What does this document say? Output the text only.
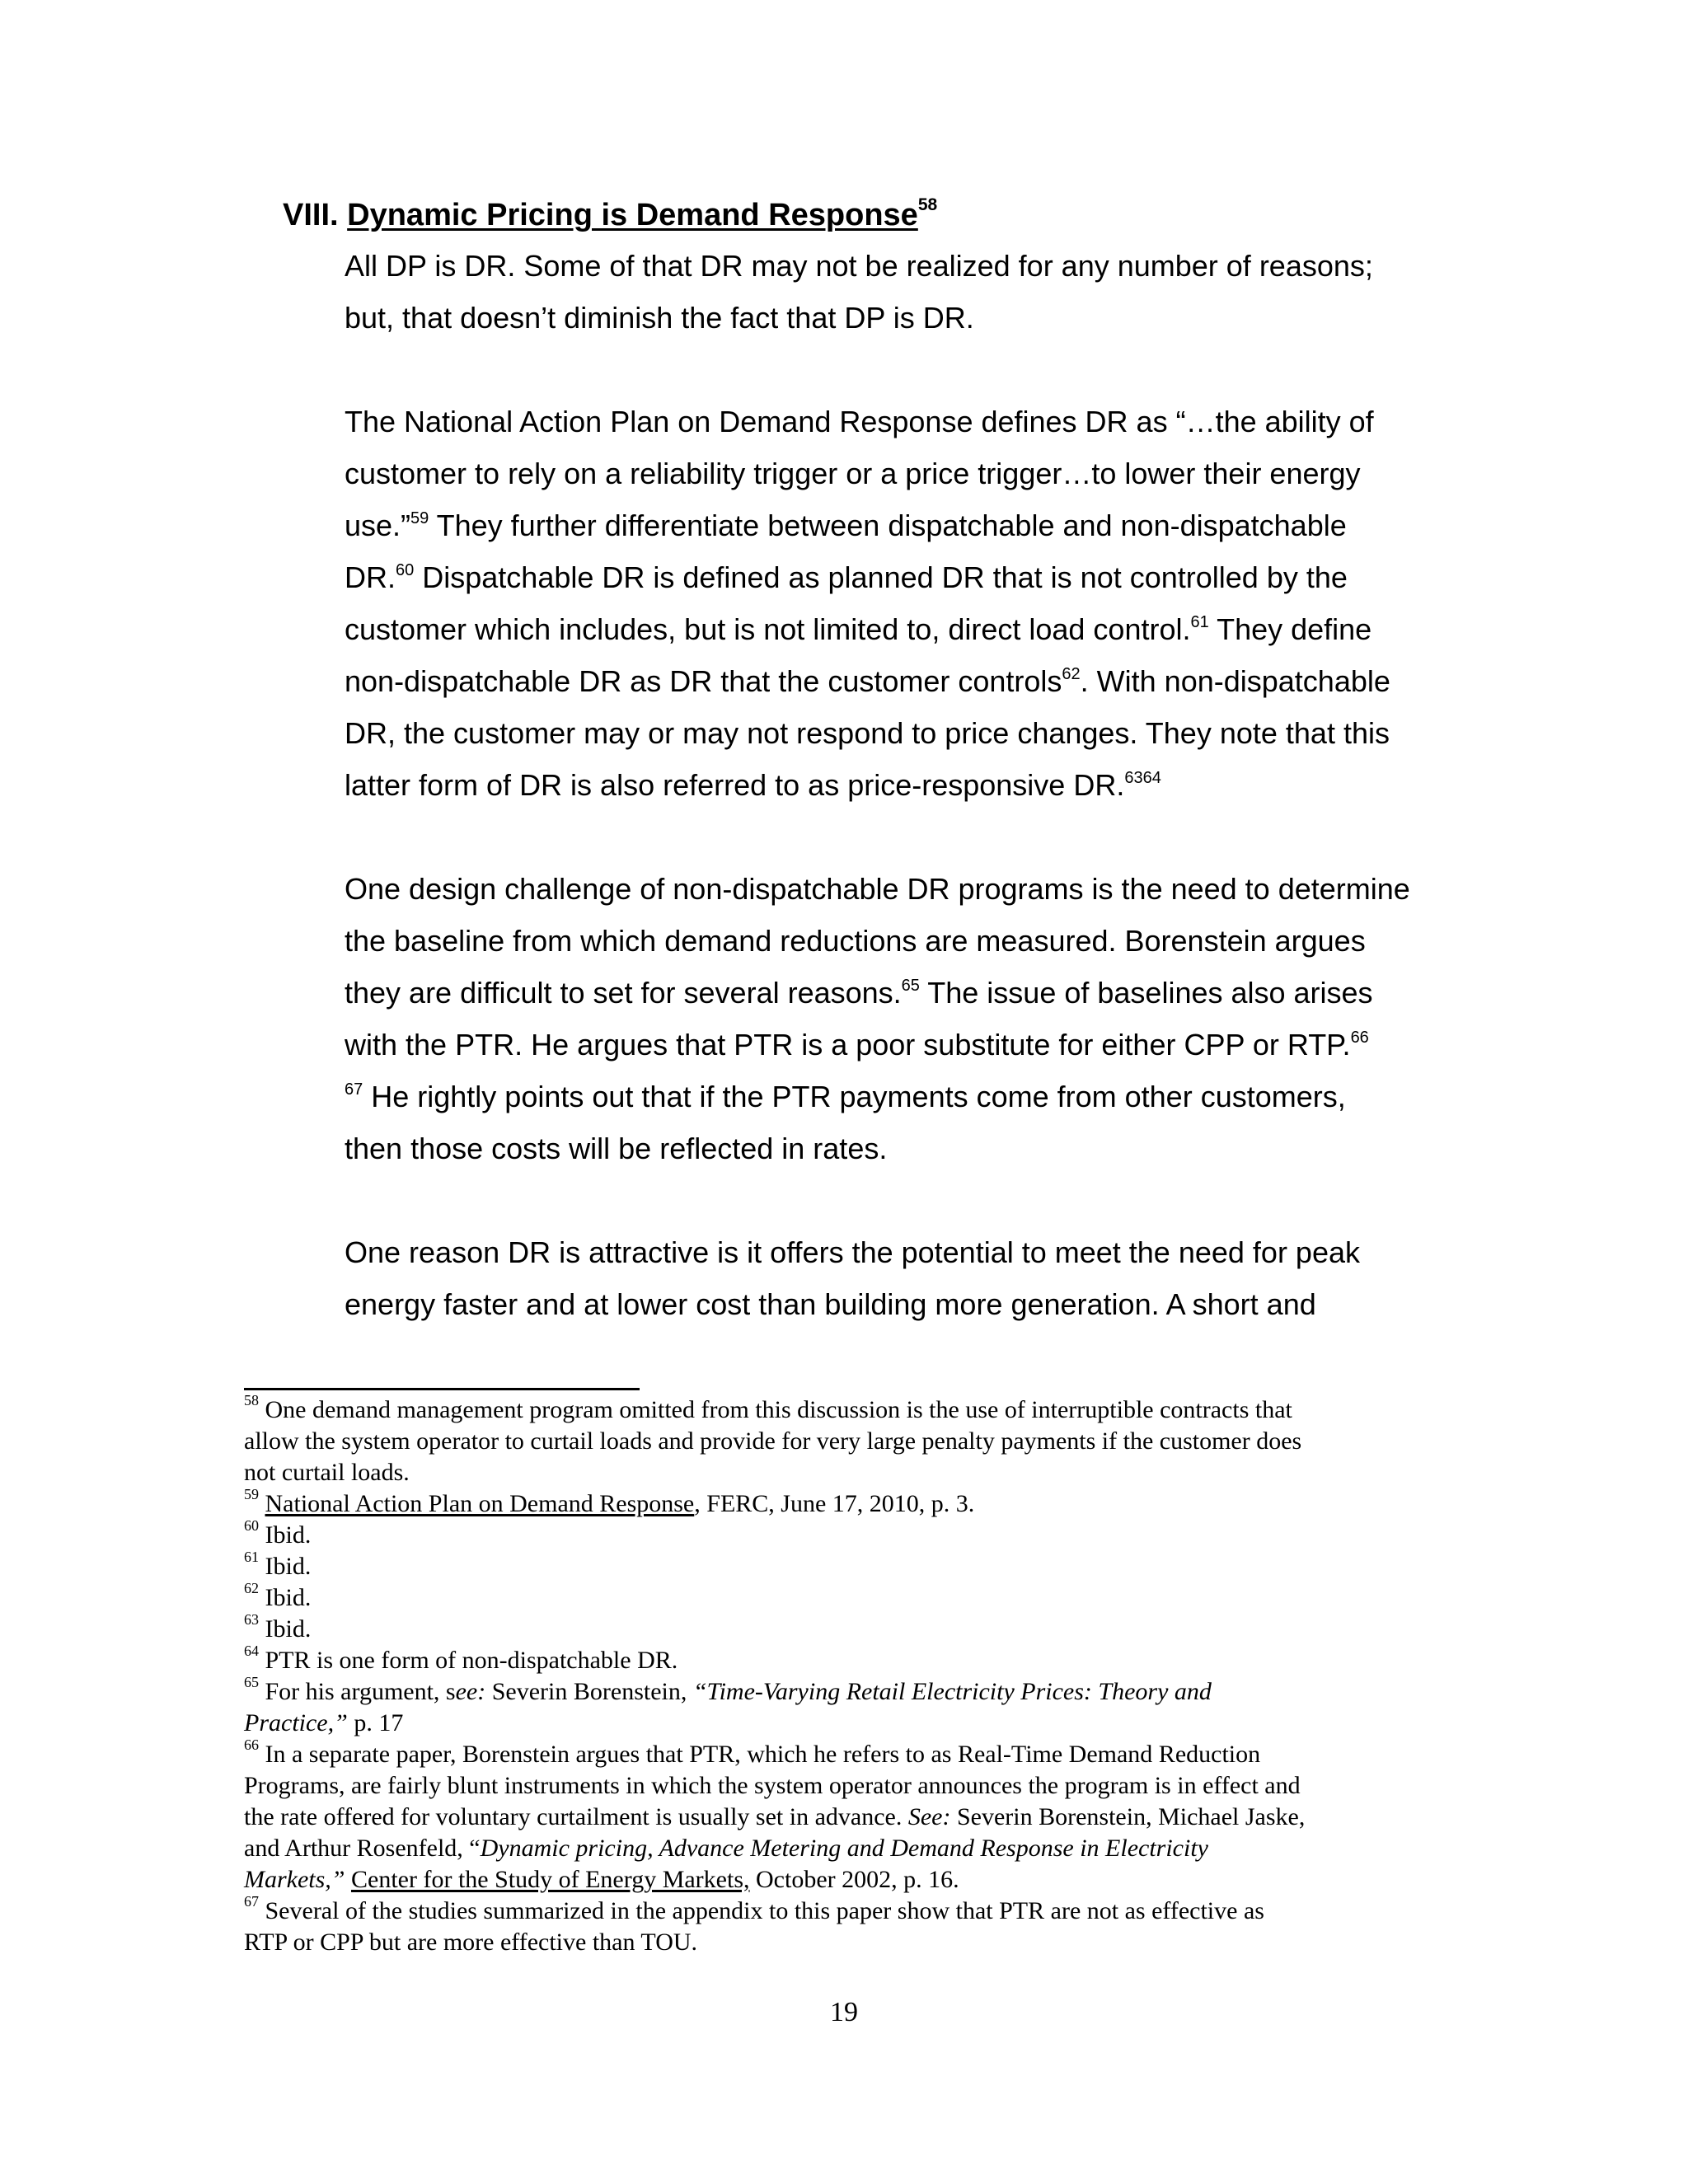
VIII. Dynamic Pricing is Demand Response$^{58}$
All DP is DR. Some of that DR may not be realized for any number of reasons;
but, that doesn’t diminish the fact that DP is DR.
The National Action Plan on Demand Response defines DR as “…the ability of
customer to rely on a reliability trigger or a price trigger…to lower their energy
use.”$^{59}$ They further differentiate between dispatchable and non-dispatchable
DR.$^{60}$ Dispatchable DR is defined as planned DR that is not controlled by the
customer which includes, but is not limited to, direct load control.$^{61}$ They define
non-dispatchable DR as DR that the customer controls$^{62}$. With non-dispatchable
DR, the customer may or may not respond to price changes. They note that this
latter form of DR is also referred to as price-responsive DR.$^{6364}$
One design challenge of non-dispatchable DR programs is the need to determine
the baseline from which demand reductions are measured. Borenstein argues
they are difficult to set for several reasons.$^{65}$ The issue of baselines also arises
with the PTR. He argues that PTR is a poor substitute for either CPP or RTP.$^{66}$
$^{67}$ He rightly points out that if the PTR payments come from other customers,
then those costs will be reflected in rates.
One reason DR is attractive is it offers the potential to meet the need for peak
energy faster and at lower cost than building more generation. A short and
$^{58}$ One demand management program omitted from this discussion is the use of interruptible contracts that
allow the system operator to curtail loads and provide for very large penalty payments if the customer does
not curtail loads.
$^{59}$ National Action Plan on Demand Response, FERC, June 17, 2010, p. 3.
$^{60}$ Ibid.
$^{61}$ Ibid.
$^{62}$ Ibid.
$^{63}$ Ibid.
$^{64}$ PTR is one form of non-dispatchable DR.
$^{65}$ For his argument, see: Severin Borenstein, “Time-Varying Retail Electricity Prices: Theory and
Practice,” p. 17
$^{66}$ In a separate paper, Borenstein argues that PTR, which he refers to as Real-Time Demand Reduction
Programs, are fairly blunt instruments in which the system operator announces the program is in effect and
the rate offered for voluntary curtailment is usually set in advance. See: Severin Borenstein, Michael Jaske,
and Arthur Rosenfeld, “Dynamic pricing, Advance Metering and Demand Response in Electricity
Markets,” Center for the Study of Energy Markets, October 2002, p. 16.
$^{67}$ Several of the studies summarized in the appendix to this paper show that PTR are not as effective as
RTP or CPP but are more effective than TOU.
19
